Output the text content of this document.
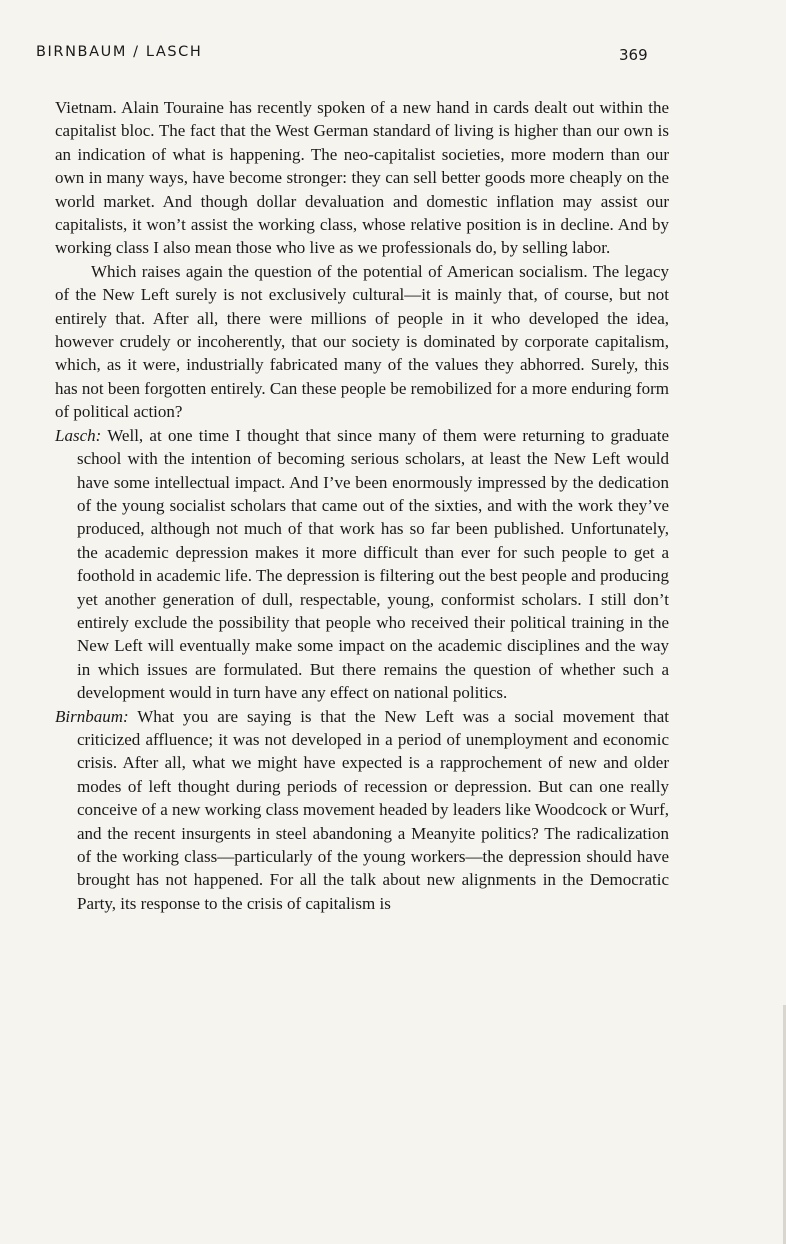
BIRNBAUM / LASCH	369

Vietnam. Alain Touraine has recently spoken of a new hand in cards dealt out within the capitalist bloc. The fact that the West German standard of living is higher than our own is an indication of what is happening. The neo-capitalist societies, more modern than our own in many ways, have become stronger: they can sell better goods more cheaply on the world market. And though dollar devaluation and domestic inflation may assist our capitalists, it won’t assist the working class, whose relative position is in decline. And by working class I also mean those who live as we professionals do, by selling labor.

Which raises again the question of the potential of American socialism. The legacy of the New Left surely is not exclusively cultural—it is mainly that, of course, but not entirely that. After all, there were millions of people in it who developed the idea, however crudely or incoherently, that our society is dominated by corporate capitalism, which, as it were, industrially fabricated many of the values they abhorred. Surely, this has not been forgotten entirely. Can these people be remobilized for a more enduring form of political action?

Lasch: Well, at one time I thought that since many of them were returning to graduate school with the intention of becoming serious scholars, at least the New Left would have some intellectual impact. And I’ve been enormously impressed by the dedication of the young socialist scholars that came out of the sixties, and with the work they’ve produced, although not much of that work has so far been published. Unfortunately, the academic depression makes it more difficult than ever for such people to get a foothold in academic life. The depression is filtering out the best people and producing yet another generation of dull, respectable, young, conformist scholars. I still don’t entirely exclude the possibility that people who received their political training in the New Left will eventually make some impact on the academic disciplines and the way in which issues are formulated. But there remains the question of whether such a development would in turn have any effect on national politics.

Birnbaum: What you are saying is that the New Left was a social movement that criticized affluence; it was not developed in a period of unemployment and economic crisis. After all, what we might have expected is a rapprochement of new and older modes of left thought during periods of recession or depression. But can one really conceive of a new working class movement headed by leaders like Woodcock or Wurf, and the recent insurgents in steel abandoning a Meanyite politics? The radicalization of the working class—particularly of the young workers—the depression should have brought has not happened. For all the talk about new alignments in the Democratic Party, its response to the crisis of capitalism is
